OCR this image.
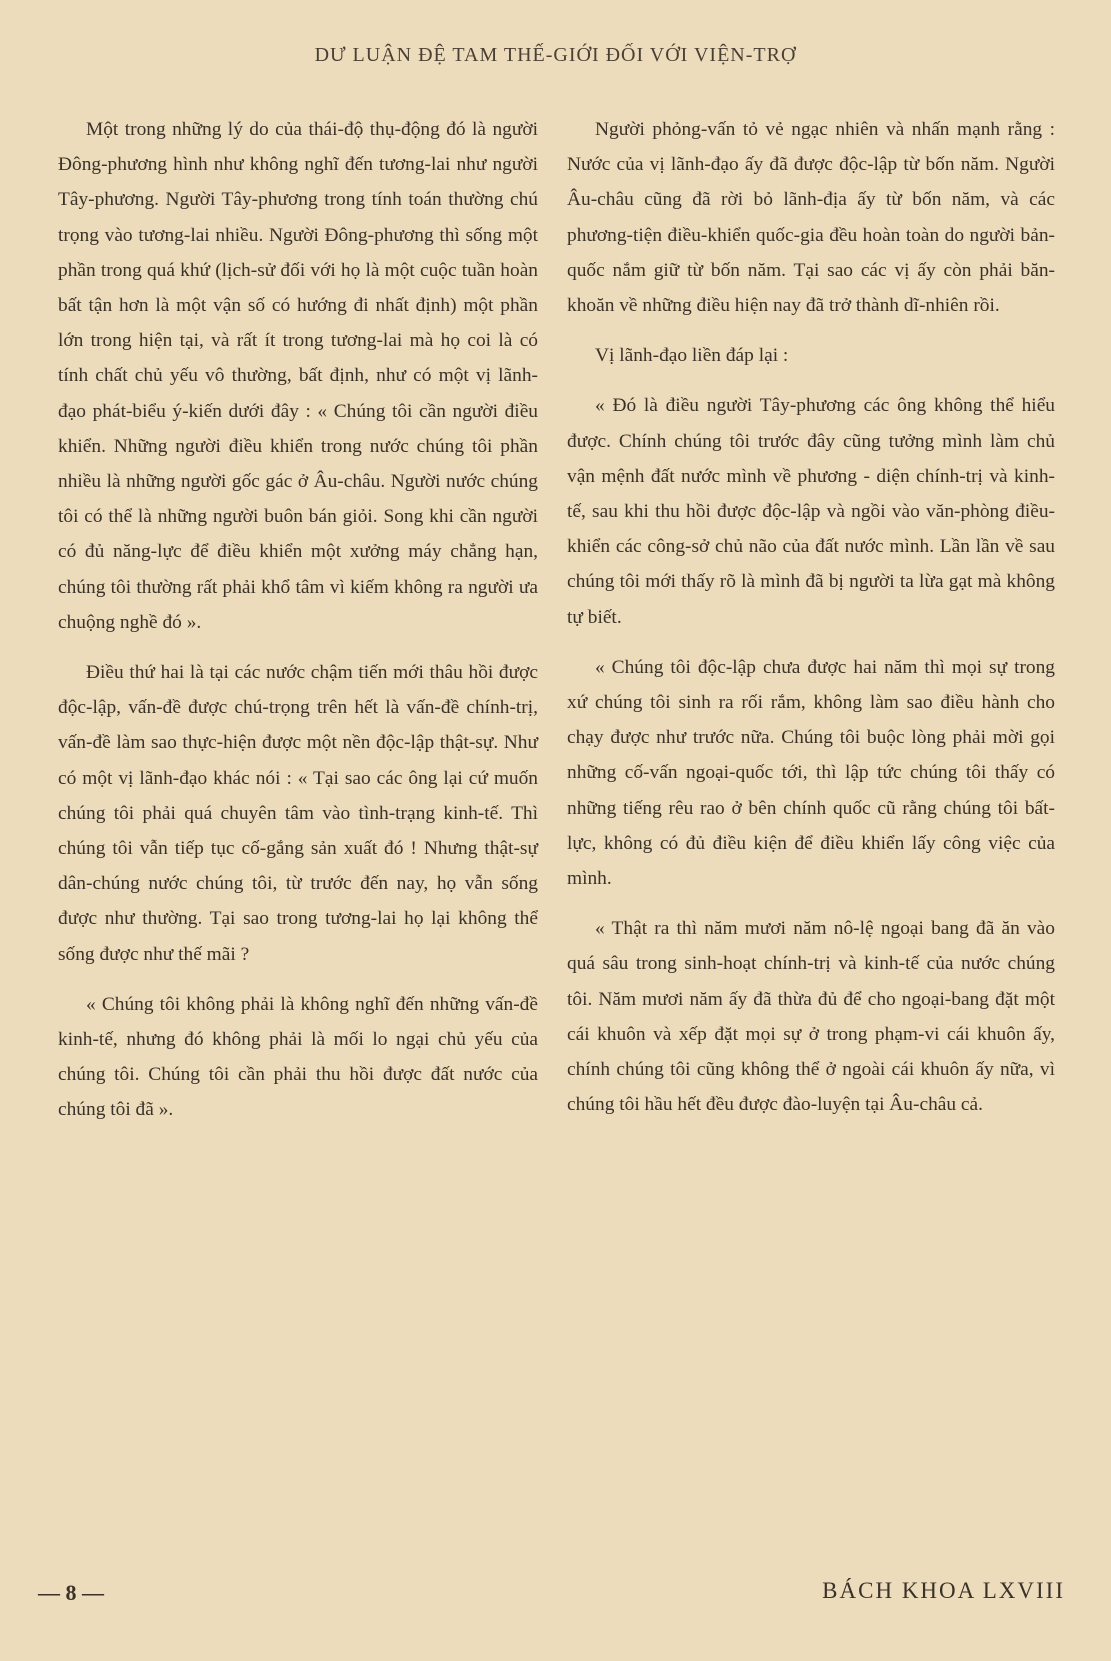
DƯ LUẬN ĐỆ TAM THẾ-GIỚI ĐỐI VỚI VIỆN-TRỢ

Một trong những lý do của thái-độ thụ-động đó là người Đông-phương hình như không nghĩ đến tương-lai như người Tây-phương. Người Tây-phương trong tính toán thường chú trọng vào tương-lai nhiều. Người Đông-phương thì sống một phần trong quá khứ (lịch-sử đối với họ là một cuộc tuần hoàn bất tận hơn là một vận số có hướng đi nhất định) một phần lớn trong hiện tại, và rất ít trong tương-lai mà họ coi là có tính chất chủ yếu vô thường, bất định, như có một vị lãnh-đạo phát-biểu ý-kiến dưới đây : « Chúng tôi cần người điều khiển. Những người điều khiển trong nước chúng tôi phần nhiều là những người gốc gác ở Âu-châu. Người nước chúng tôi có thể là những người buôn bán giỏi. Song khi cần người có đủ năng-lực để điều khiển một xưởng máy chẳng hạn, chúng tôi thường rất phải khổ tâm vì kiếm không ra người ưa chuộng nghề đó ».

Điều thứ hai là tại các nước chậm tiến mới thâu hồi được độc-lập, vấn-đề được chú-trọng trên hết là vấn-đề chính-trị, vấn-đề làm sao thực-hiện được một nền độc-lập thật-sự. Như có một vị lãnh-đạo khác nói : « Tại sao các ông lại cứ muốn chúng tôi phải quá chuyên tâm vào tình-trạng kinh-tế. Thì chúng tôi vẫn tiếp tục cố-gắng sản xuất đó ! Nhưng thật-sự dân-chúng nước chúng tôi, từ trước đến nay, họ vẫn sống được như thường. Tại sao trong tương-lai họ lại không thể sống được như thế mãi ?

« Chúng tôi không phải là không nghĩ đến những vấn-đề kinh-tế, nhưng đó không phải là mối lo ngại chủ yếu của chúng tôi. Chúng tôi cần phải thu hồi được đất nước của chúng tôi đã ».

Người phỏng-vấn tỏ vẻ ngạc nhiên và nhấn mạnh rằng : Nước của vị lãnh-đạo ấy đã được độc-lập từ bốn năm. Người Âu-châu cũng đã rời bỏ lãnh-địa ấy từ bốn năm, và các phương-tiện điều-khiển quốc-gia đều hoàn toàn do người bản-quốc nắm giữ từ bốn năm. Tại sao các vị ấy còn phải băn-khoăn về những điều hiện nay đã trở thành dĩ-nhiên rồi.

Vị lãnh-đạo liền đáp lại :

« Đó là điều người Tây-phương các ông không thể hiểu được. Chính chúng tôi trước đây cũng tưởng mình làm chủ vận mệnh đất nước mình về phương - diện chính-trị và kinh-tế, sau khi thu hồi được độc-lập và ngồi vào văn-phòng điều-khiển các công-sở chủ não của đất nước mình. Lần lần về sau chúng tôi mới thấy rõ là mình đã bị người ta lừa gạt mà không tự biết.

« Chúng tôi độc-lập chưa được hai năm thì mọi sự trong xứ chúng tôi sinh ra rối rắm, không làm sao điều hành cho chạy được như trước nữa. Chúng tôi buộc lòng phải mời gọi những cố-vấn ngoại-quốc tới, thì lập tức chúng tôi thấy có những tiếng rêu rao ở bên chính quốc cũ rằng chúng tôi bất-lực, không có đủ điều kiện để điều khiển lấy công việc của mình.

« Thật ra thì năm mươi năm nô-lệ ngoại bang đã ăn vào quá sâu trong sinh-hoạt chính-trị và kinh-tế của nước chúng tôi. Năm mươi năm ấy đã thừa đủ để cho ngoại-bang đặt một cái khuôn và xếp đặt mọi sự ở trong phạm-vi cái khuôn ấy, chính chúng tôi cũng không thể ở ngoài cái khuôn ấy nữa, vì chúng tôi hầu hết đều được đào-luyện tại Âu-châu cả.

— 8 —	BÁCH KHOA LXVIII
